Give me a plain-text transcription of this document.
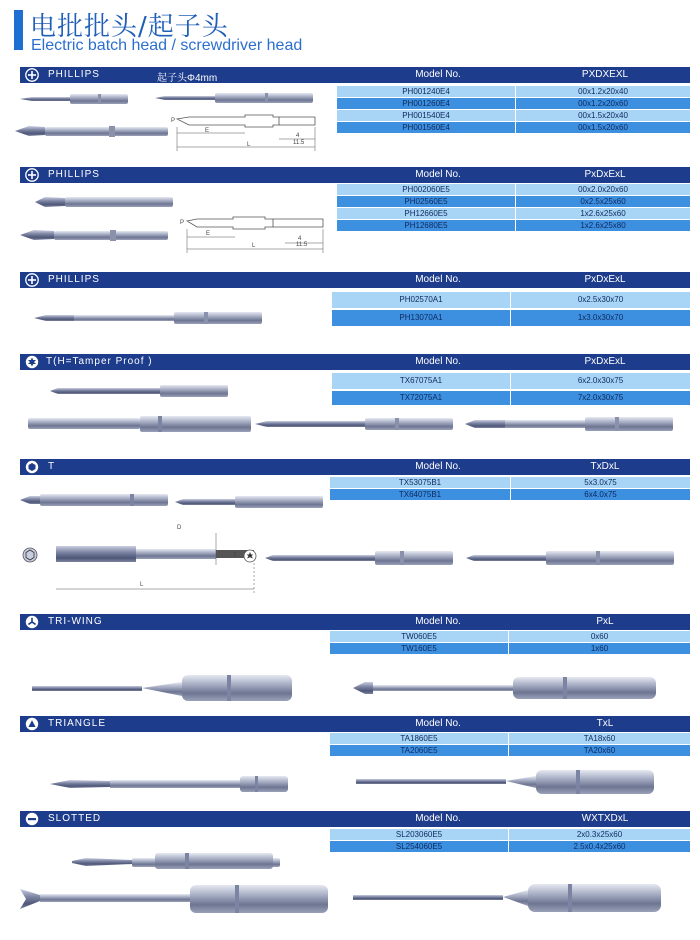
电批批头/起子头
Electric batch head / screwdriver head
PHILLIPS	起子头Φ4mm	Model No.	PXDXEXL
PH001240E4	00x1.2x20x40
PH001260E4	00x1.2x20x60
PH001540E4	00x1.5x20x40
PH001560E4	00x1.5x20x60
P
E
L
4
11.5
PHILLIPS	Model No.	PxDxExL
PH002060E5	00x2.0x20x60
PH02560E5	0x2.5x25x60
PH12660E5	1x2.6x25x60
PH12680E5	1x2.6x25x80
P
E
L
4
11.5
PHILLIPS	Model No.	PxDxExL
PH02570A1	0x2.5x30x70
PH13070A1	1x3.0x30x70
T(H=Tamper Proof )	Model No.	PxDxExL
TX67075A1	6x2.0x30x75
TX72075A1	7x2.0x30x75
T	Model No.	TxDxL
TX53075B1	5x3.0x75
TX64075B1	6x4.0x75
D
T
L
TRI-WING	Model No.	PxL
TW060E5	0x60
TW160E5	1x60
TRIANGLE	Model No.	TxL
TA1860E5	TA18x60
TA2060E5	TA20x60
SLOTTED	Model No.	WXTXDxL
SL203060E5	2x0.3x25x60
SL254060E5	2.5x0.4x25x60
